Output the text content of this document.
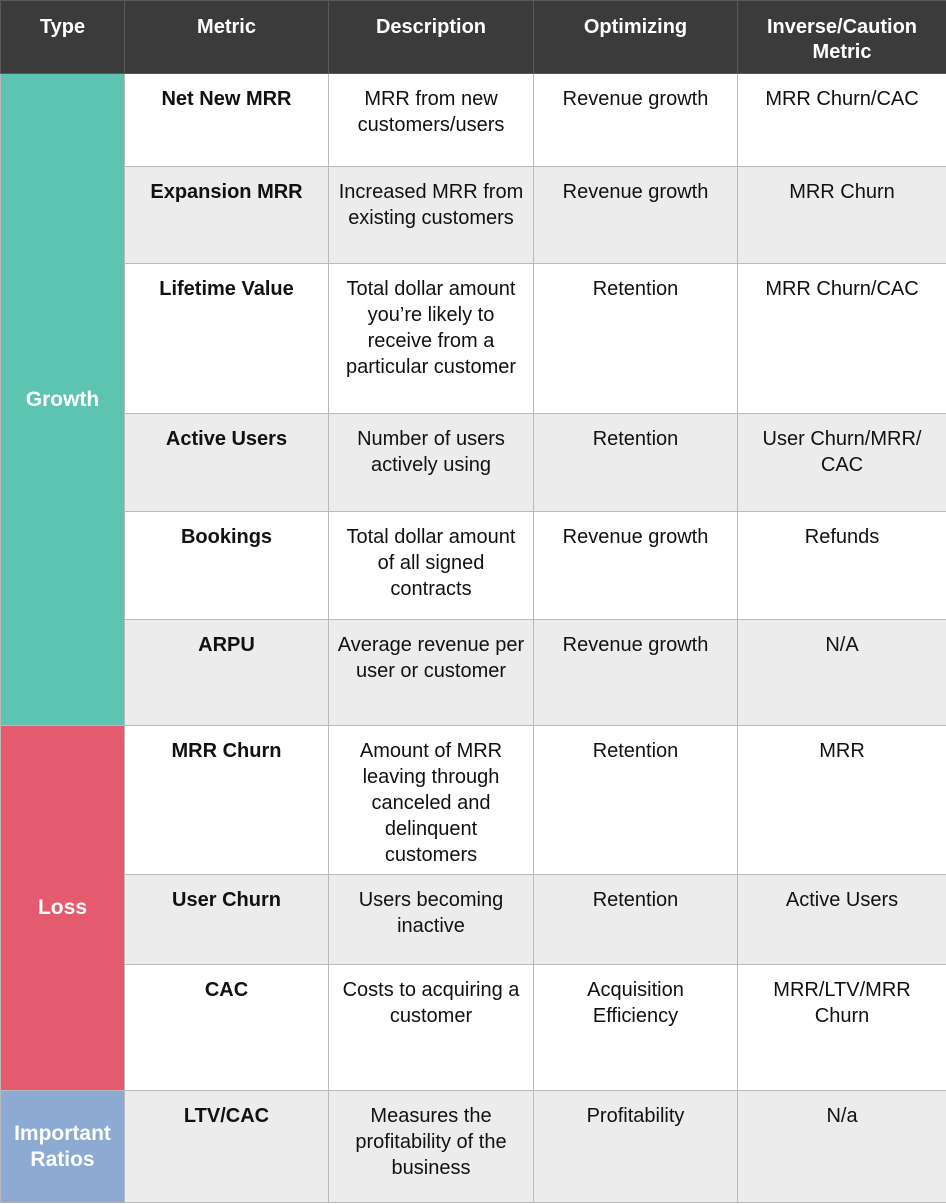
Type	Metric	Description	Optimizing	Inverse/Caution Metric
Growth	Net New MRR	MRR from new customers/users	Revenue growth	MRR Churn/CAC
	Expansion MRR	Increased MRR from existing customers	Revenue growth	MRR Churn
	Lifetime Value	Total dollar amount you’re likely to receive from a particular customer	Retention	MRR Churn/CAC
	Active Users	Number of users actively using	Retention	User Churn/MRR/ CAC
	Bookings	Total dollar amount of all signed contracts	Revenue growth	Refunds
	ARPU	Average revenue per user or customer	Revenue growth	N/A
Loss	MRR Churn	Amount of MRR leaving through canceled and delinquent customers	Retention	MRR
	User Churn	Users becoming inactive	Retention	Active Users
	CAC	Costs to acquiring a customer	Acquisition Efficiency	MRR/LTV/MRR Churn
Important Ratios	LTV/CAC	Measures the profitability of the business	Profitability	N/a
